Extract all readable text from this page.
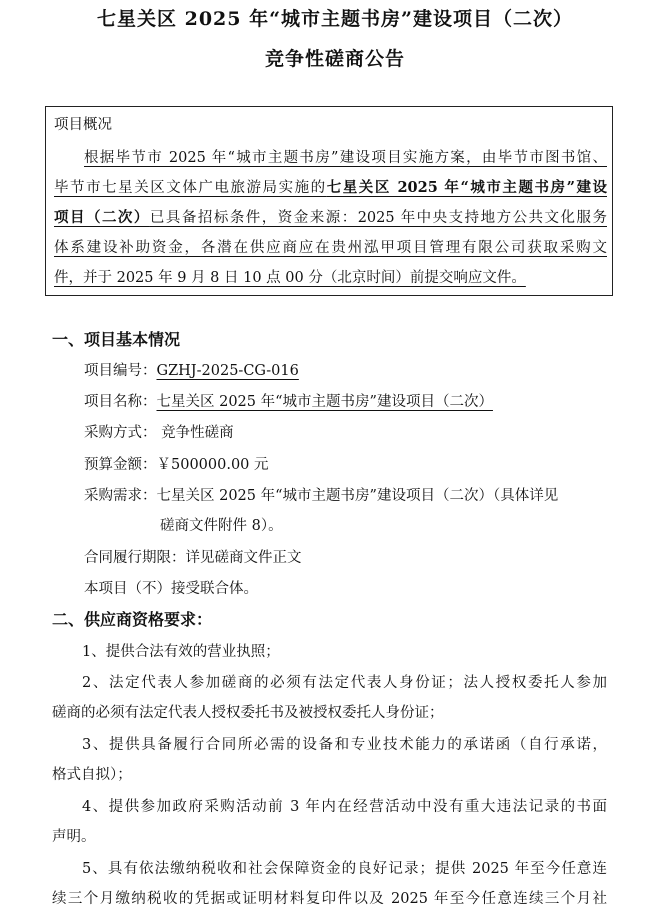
七星关区 2025 年“城市主题书房”建设项目（二次）
竞争性磋商公告
项目概况

根据毕节市 2025 年“城市主题书房”建设项目实施方案，由毕节市图书馆、

毕节市七星关区文体广电旅游局实施的七星关区 2025 年“城市主题书房”建设

项目（二次）已具备招标条件，资金来源：2025 年中央支持地方公共文化服务

体系建设补助资金，各潜在供应商应在贵州泓甲项目管理有限公司获取采购文

件，并于 2025 年 9 月 8 日 10 点 00 分（北京时间）前提交响应文件。

一、项目基本情况
项目编号：GZHJ-2025-CG-016
项目名称：七星关区 2025 年“城市主题书房”建设项目（二次）
采购方式： 竞争性磋商
预算金额：￥500000.00 元
采购需求：七星关区 2025 年“城市主题书房”建设项目（二次）（具体详见
磋商文件附件 8）。
合同履行期限：详见磋商文件正文
本项目（不）接受联合体。
二、供应商资格要求：
1、提供合法有效的营业执照；
2、法定代表人参加磋商的必须有法定代表人身份证；法人授权委托人参加
磋商的必须有法定代表人授权委托书及被授权委托人身份证；
3、提供具备履行合同所必需的设备和专业技术能力的承诺函（自行承诺，
格式自拟）；
4、提供参加政府采购活动前 3 年内在经营活动中没有重大违法记录的书面
声明。
5、具有依法缴纳税收和社会保障资金的良好记录；提供 2025 年至今任意连
续三个月缴纳税收的凭据或证明材料复印件以及 2025 年至今任意连续三个月社
